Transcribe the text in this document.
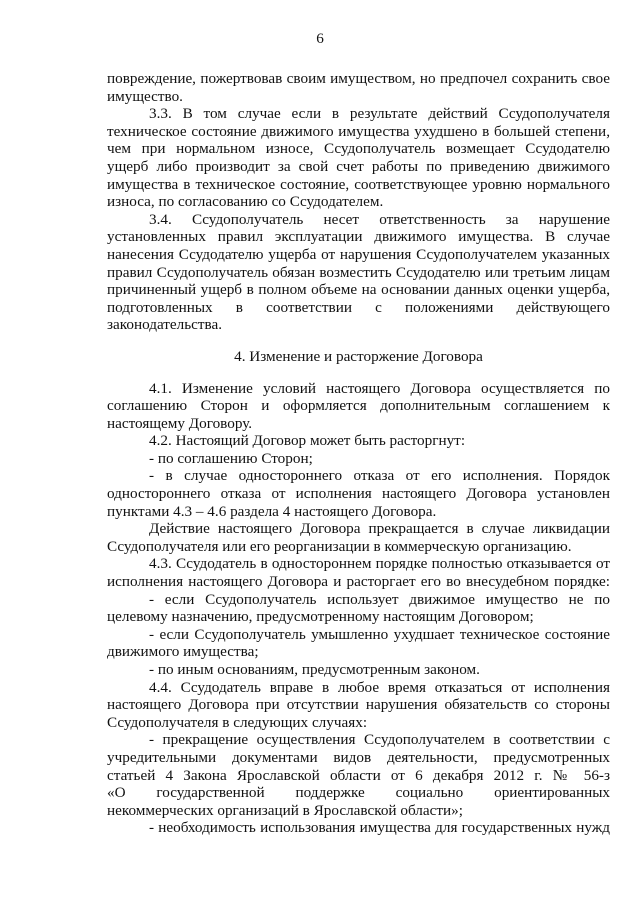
6
повреждение, пожертвовав своим имуществом, но предпочел сохранить свое
имущество.
3.3. В том случае если в результате действий Ссудополучателя
техническое состояние движимого имущества ухудшено в большей степени,
чем при нормальном износе, Ссудополучатель возмещает Ссудодателю
ущерб либо производит за свой счет работы по приведению движимого
имущества в техническое состояние, соответствующее уровню нормального
износа, по согласованию со Ссудодателем.
3.4. Ссудополучатель несет ответственность за нарушение
установленных правил эксплуатации движимого имущества. В случае
нанесения Ссудодателю ущерба от нарушения Ссудополучателем указанных
правил Ссудополучатель обязан возместить Ссудодателю или третьим лицам
причиненный ущерб в полном объеме на основании данных оценки ущерба,
подготовленных в соответствии с положениями действующего
законодательства.
4. Изменение и расторжение Договора
4.1. Изменение условий настоящего Договора осуществляется по
соглашению Сторон и оформляется дополнительным соглашением к
настоящему Договору.
4.2. Настоящий Договор может быть расторгнут:
- по соглашению Сторон;
- в случае одностороннего отказа от его исполнения. Порядок
одностороннего отказа от исполнения настоящего Договора установлен
пунктами 4.3 – 4.6 раздела 4 настоящего Договора.
Действие настоящего Договора прекращается в случае ликвидации
Ссудополучателя или его реорганизации в коммерческую организацию.
4.3. Ссудодатель в одностороннем порядке полностью отказывается от
исполнения настоящего Договора и расторгает его во внесудебном порядке:
- если Ссудополучатель использует движимое имущество не по
целевому назначению, предусмотренному настоящим Договором;
- если Ссудополучатель умышленно ухудшает техническое состояние
движимого имущества;
- по иным основаниям, предусмотренным законом.
4.4. Ссудодатель вправе в любое время отказаться от исполнения
настоящего Договора при отсутствии нарушения обязательств со стороны
Ссудополучателя в следующих случаях:
- прекращение осуществления Ссудополучателем в соответствии с
учредительными документами видов деятельности, предусмотренных
статьей 4 Закона Ярославской области от 6 декабря 2012 г. № 56-з
«О государственной поддержке социально ориентированных
некоммерческих организаций в Ярославской области»;
- необходимость использования имущества для государственных нужд
